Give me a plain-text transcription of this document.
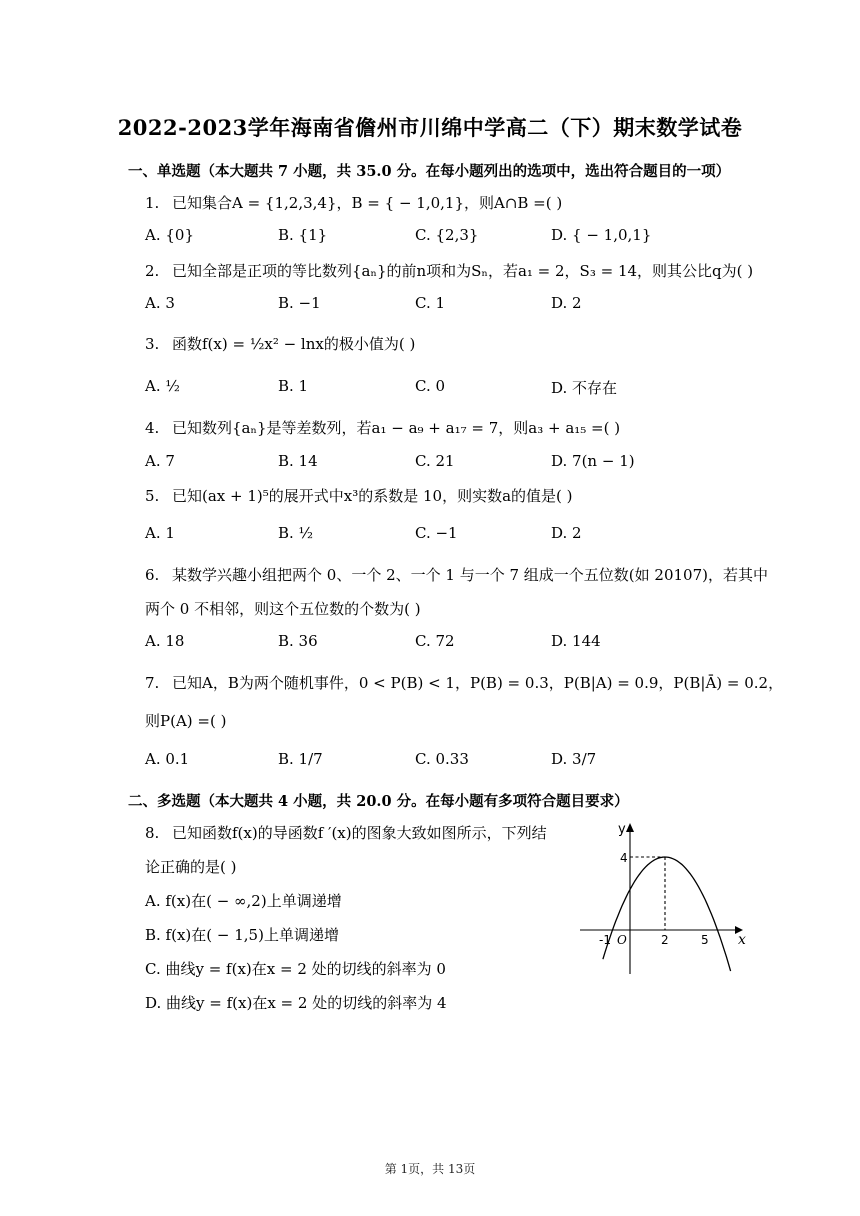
2022-2023学年海南省儋州市川绵中学高二（下）期末数学试卷
一、单选题（本大题共 7 小题，共 35.0 分。在每小题列出的选项中，选出符合题目的一项）
1. 已知集合A = {1,2,3,4}，B = { − 1,0,1}，则A∩B =( )
A. {0}	B. {1}	C. {2,3}	D. { − 1,0,1}
2. 已知全部是正项的等比数列{aₙ}的前n项和为Sₙ，若a₁ = 2，S₃ = 14，则其公比q为( )
A. 3	B. −1	C. 1	D. 2
3. 函数f(x) = ½x² − lnx的极小值为( )
A. ½	B. 1	C. 0	D. 不存在
4. 已知数列{aₙ}是等差数列，若a₁ − a₉ + a₁₇ = 7，则a₃ + a₁₅ =( )
A. 7	B. 14	C. 21	D. 7(n − 1)
5. 已知(ax + 1)⁵的展开式中x³的系数是 10，则实数a的值是( )
A. 1	B. ½	C. −1	D. 2
6. 某数学兴趣小组把两个 0、一个 2、一个 1 与一个 7 组成一个五位数(如 20107)，若其中
两个 0 不相邻，则这个五位数的个数为( )
A. 18	B. 36	C. 72	D. 144
7. 已知A，B为两个随机事件，0 < P(B) < 1，P(B) = 0.3，P(B|A) = 0.9，P(B|Ā) = 0.2，
则P(A) =( )
A. 0.1	B. 1/7	C. 0.33	D. 3/7
二、多选题（本大题共 4 小题，共 20.0 分。在每小题有多项符合题目要求）
8. 已知函数f(x)的导函数f ′(x)的图象大致如图所示，下列结
论正确的是( )
A. f(x)在( − ∞,2)上单调递增
B. f(x)在( − 1,5)上单调递增
C. 曲线y = f(x)在x = 2 处的切线的斜率为 0
D. 曲线y = f(x)在x = 2 处的切线的斜率为 4
y
x
4
-1 O	2	5
第 1页，共 13页
